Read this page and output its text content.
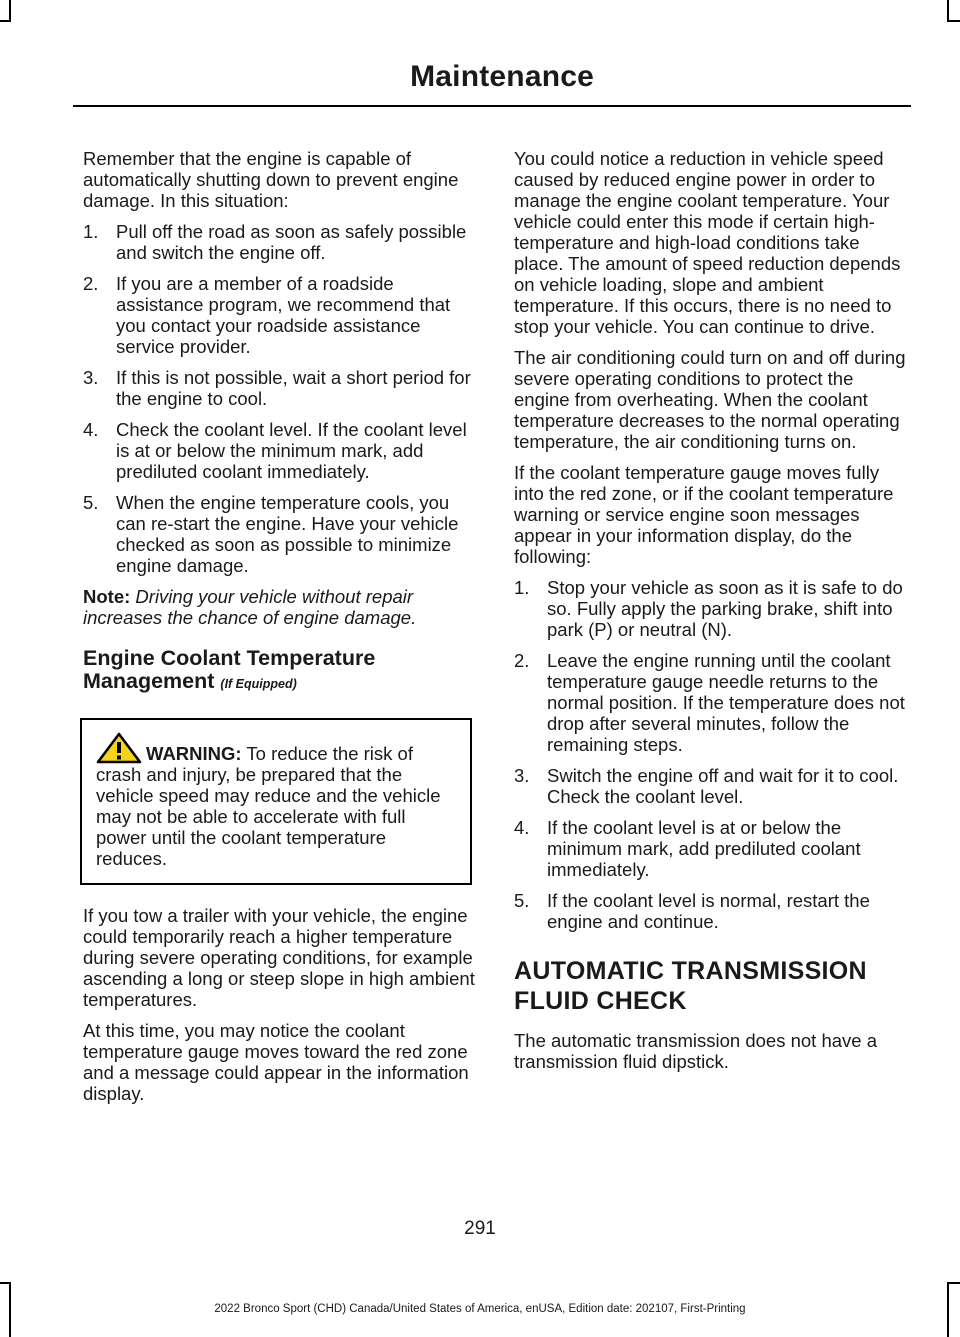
Maintenance

Remember that the engine is capable of automatically shutting down to prevent engine damage. In this situation:

1. Pull off the road as soon as safely possible and switch the engine off.
2. If you are a member of a roadside assistance program, we recommend that you contact your roadside assistance service provider.
3. If this is not possible, wait a short period for the engine to cool.
4. Check the coolant level. If the coolant level is at or below the minimum mark, add prediluted coolant immediately.
5. When the engine temperature cools, you can re-start the engine. Have your vehicle checked as soon as possible to minimize engine damage.

Note: Driving your vehicle without repair increases the chance of engine damage.

Engine Coolant Temperature Management (If Equipped)
WARNING: To reduce the risk of crash and injury, be prepared that the vehicle speed may reduce and the vehicle may not be able to accelerate with full power until the coolant temperature reduces.

If you tow a trailer with your vehicle, the engine could temporarily reach a higher temperature during severe operating conditions, for example ascending a long or steep slope in high ambient temperatures.

At this time, you may notice the coolant temperature gauge moves toward the red zone and a message could appear in the information display.

You could notice a reduction in vehicle speed caused by reduced engine power in order to manage the engine coolant temperature. Your vehicle could enter this mode if certain high-temperature and high-load conditions take place. The amount of speed reduction depends on vehicle loading, slope and ambient temperature. If this occurs, there is no need to stop your vehicle. You can continue to drive.

The air conditioning could turn on and off during severe operating conditions to protect the engine from overheating. When the coolant temperature decreases to the normal operating temperature, the air conditioning turns on.

If the coolant temperature gauge moves fully into the red zone, or if the coolant temperature warning or service engine soon messages appear in your information display, do the following:

1. Stop your vehicle as soon as it is safe to do so. Fully apply the parking brake, shift into park (P) or neutral (N).
2. Leave the engine running until the coolant temperature gauge needle returns to the normal position. If the temperature does not drop after several minutes, follow the remaining steps.
3. Switch the engine off and wait for it to cool. Check the coolant level.
4. If the coolant level is at or below the minimum mark, add prediluted coolant immediately.
5. If the coolant level is normal, restart the engine and continue.
AUTOMATIC TRANSMISSION
FLUID CHECK

The automatic transmission does not have a transmission fluid dipstick.

291
2022 Bronco Sport (CHD) Canada/United States of America, enUSA, Edition date: 202107, First-Printing
